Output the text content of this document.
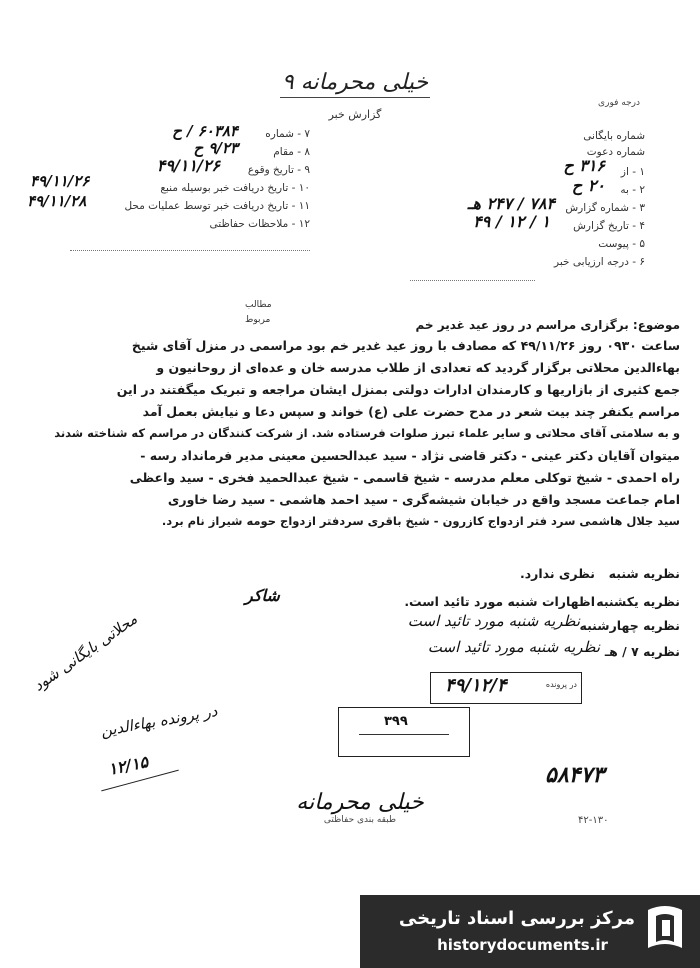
خیلی محرمانه ۹
گزارش خبر
درجه فوری
۷ - شماره
۶۰۳۸۴ / ح
۸ - مقام
۹/۲۳ ح
۹ - تاریخ وقوع
۴۹/۱۱/۲۶
۱۰ - تاریخ دریافت خبر بوسیله منبع
۴۹/۱۱/۲۶
۱۱ - تاریخ دریافت خبر توسط عملیات محل
۴۹/۱۱/۲۸
۱۲ - ملاحظات حفاظتی
شماره بایگانی
شماره دعوت
۱ - از
۳۱۶ ح
۲ - به
۲۰ ح
۳ - شماره گزارش
۷۸۴ / ۲۴۷ هـ
۴ - تاریخ گزارش
۴۹ / ۱۲ / ۱
۵ - پیوست
۶ - درجه ارزیابی خبر
مطالب
مربوط	موضوع: برگزاری مراسم در روز عید غدیر خم
ساعت ۰۹۳۰ روز ۴۹/۱۱/۲۶ که مصادف با روز عید غدیر خم بود مراسمی در منزل آقای شیخ
بهاءالدین محلاتی برگزار گردید که تعدادی از طلاب مدرسه خان و عده‌ای از روحانیون و
جمع کثیری از بازاریها و کارمندان ادارات دولتی بمنزل ایشان مراجعه و تبریک میگفتند در این
مراسم یکنفر چند بیت شعر در مدح حضرت علی (ع) خواند و سپس دعا و نیایش بعمل آمد
و به سلامتی آقای محلاتی و سایر علماء تبرز صلوات فرستاده شد. از شرکت کنندگان در مراسم که شناخته شدند
میتوان آقایان دکتر عینی - دکتر قاضی نژاد - سید عبدالحسین معینی مدیر فرمانداد رسه -
راه احمدی - شیخ توکلی معلم مدرسه - شیخ قاسمی - شیخ عبدالحمید فخری - سید واعظی
امام جماعت مسجد واقع در خیابان شیشه‌گری - سید احمد هاشمی - سید رضا خاوری
سید جلال هاشمی سرد فتر ازدواج کازرون - شیخ باقری سردفتر ازدواج حومه شیراز نام برد.
نظریه شنبه
نظری ندارد.
نظریه یکشنبه
اظهارات شنبه مورد تائید است.
شاکر
نظریه چهارشنبه
نظریه شنبه مورد تائید است
نظریه ۷ / هـ
نظریه شنبه مورد تائید است
۴۹/۱۲/۴	در پرونده
۳۹۹
در پرونده بهاءالدین
محلاتی بایگانی شود
۱۲/۱۵	۵۸۴۷۳
خیلی محرمانه
طبقه بندی حفاظتی	۴۲-۱۳۰
مرکز بررسی اسناد تاریخی
historydocuments.ir
